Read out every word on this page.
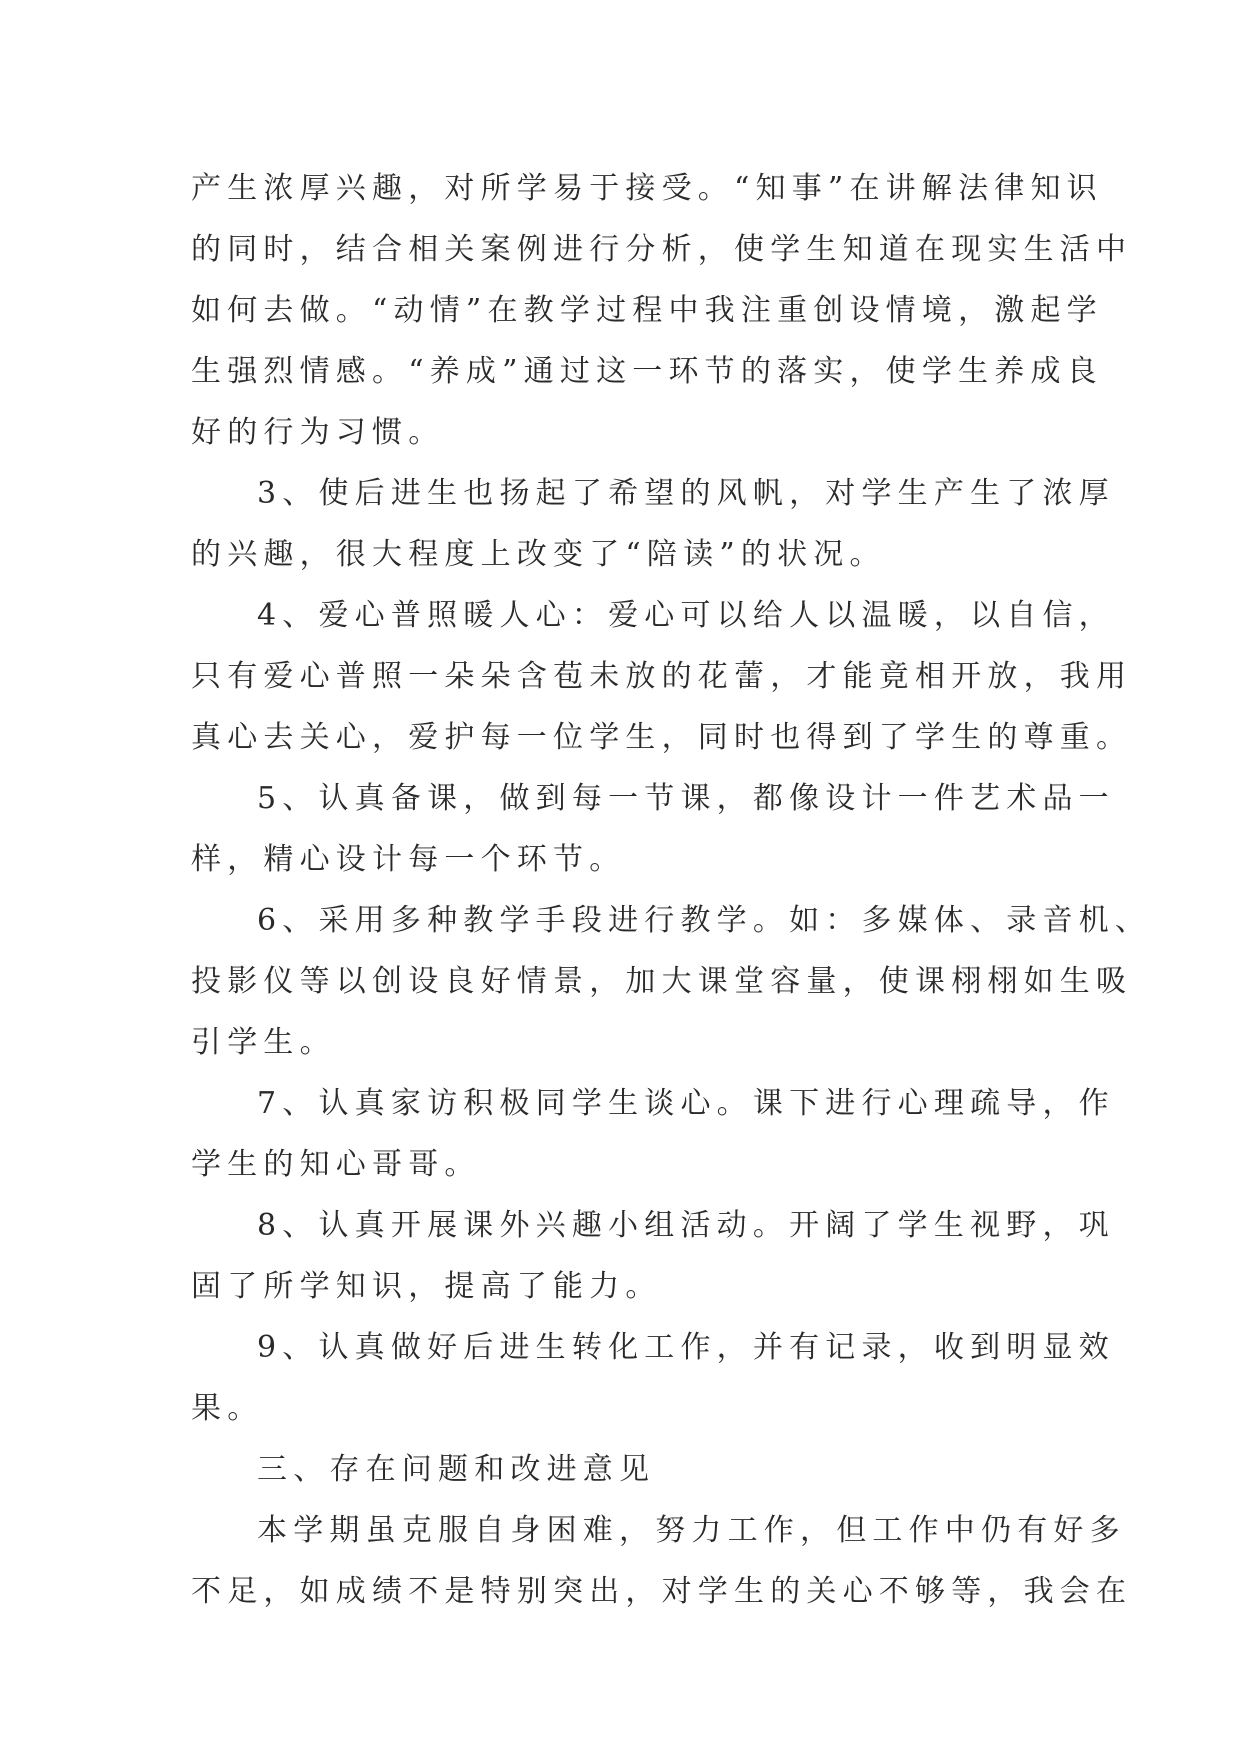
产生浓厚兴趣，对所学易于接受。“知事”在讲解法律知识
的同时，结合相关案例进行分析，使学生知道在现实生活中
如何去做。“动情”在教学过程中我注重创设情境，激起学
生强烈情感。“养成”通过这一环节的落实，使学生养成良
好的行为习惯。
3、使后进生也扬起了希望的风帆，对学生产生了浓厚
的兴趣，很大程度上改变了“陪读”的状况。
4、爱心普照暖人心：爱心可以给人以温暖，以自信，
只有爱心普照一朵朵含苞未放的花蕾，才能竟相开放，我用
真心去关心，爱护每一位学生，同时也得到了学生的尊重。
5、认真备课，做到每一节课，都像设计一件艺术品一
样，精心设计每一个环节。
6、采用多种教学手段进行教学。如：多媒体、录音机、
投影仪等以创设良好情景，加大课堂容量，使课栩栩如生吸
引学生。
7、认真家访积极同学生谈心。课下进行心理疏导，作
学生的知心哥哥。
8、认真开展课外兴趣小组活动。开阔了学生视野，巩
固了所学知识，提高了能力。
9、认真做好后进生转化工作，并有记录，收到明显效
果。
三、存在问题和改进意见
本学期虽克服自身困难，努力工作，但工作中仍有好多
不足，如成绩不是特别突出，对学生的关心不够等，我会在
